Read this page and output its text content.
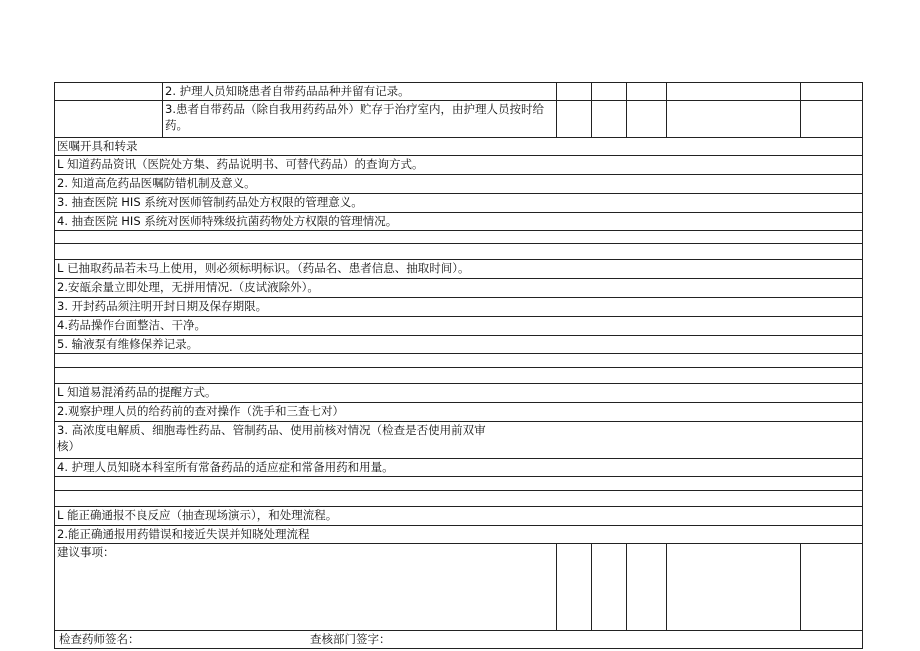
	2. 护理人员知晓患者自带药品品种并留有记录。					
	3.患者自带药品（除自我用药药品外）贮存于治疗室内，由护理人员按时给药。					
医嘱开具和转录						
L 知道药品资讯（医院处方集、药品说明书、可替代药品）的查询方式。						
2. 知道高危药品医嘱防错机制及意义。						
3. 抽查医院 HIS 系统对医师管制药品处方权限的管理意义。						
4. 抽查医院 HIS 系统对医师特殊级抗菌药物处方权限的管理情况。						

L 已抽取药品若未马上使用，则必须标明标识。（药品名、患者信息、抽取时间）。						
2.安瓿余量立即处理，无拼用情况.（皮试液除外）。						
3. 开封药品须注明开封日期及保存期限。						
4.药品操作台面整洁、干净。						
5. 输液泵有维修保养记录。						

L 知道易混淆药品的提醒方式。						
2.观察护理人员的给药前的查对操作（洗手和三查七对）						
3. 高浓度电解质、细胞毒性药品、管制药品、使用前核对情况（检查是否使用前双审核）						
4. 护理人员知晓本科室所有常备药品的适应症和常备用药和用量。						

L 能正确通报不良反应（抽查现场演示），和处理流程。						
2.能正确通报用药错误和接近失误并知晓处理流程						
建议事项：						

检查药师签名： 查核部门签字：						
